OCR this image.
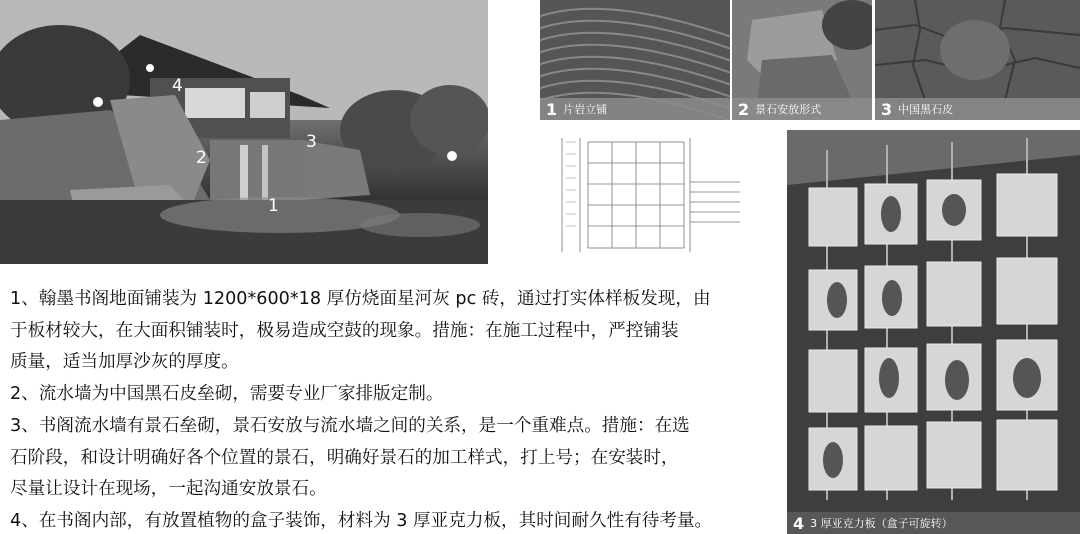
4
2
3
1
1 片岩立铺	2 景石安放形式	3 中国黑石皮
4 3 厚亚克力板（盒子可旋转）

1、翰墨书阁地面铺装为 1200*600*18 厚仿烧面星河灰 pc 砖，通过打实体样板发现，由

于板材较大，在大面积铺装时，极易造成空鼓的现象。措施：在施工过程中，严控铺装

质量，适当加厚沙灰的厚度。

2、流水墙为中国黑石皮垒砌，需要专业厂家排版定制。

3、书阁流水墙有景石垒砌，景石安放与流水墙之间的关系，是一个重难点。措施：在选

石阶段，和设计明确好各个位置的景石，明确好景石的加工样式，打上号；在安装时，

尽量让设计在现场，一起沟通安放景石。

4、在书阁内部，有放置植物的盒子装饰，材料为 3 厚亚克力板，其时间耐久性有待考量。
